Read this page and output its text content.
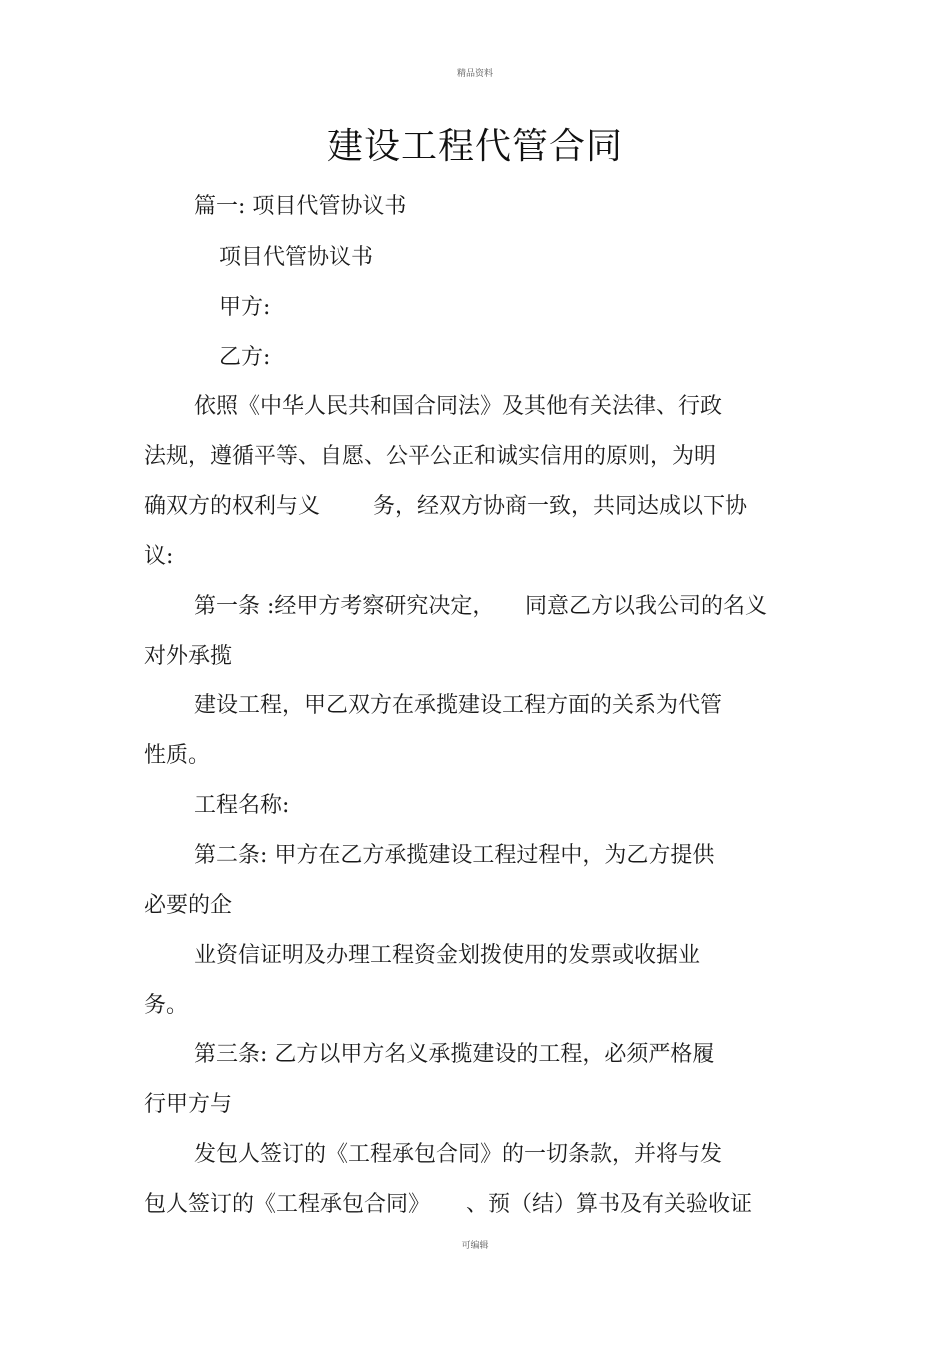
精品资料
建设工程代管合同
篇一: 项目代管协议书
项目代管协议书
甲方:
乙方:
依照《中华人民共和国合同法》及其他有关法律、行政
法规，遵循平等、自愿、公平公正和诚实信用的原则，为明
确双方的权利与义 务，经双方协商一致，共同达成以下协
议:
第一条 :经甲方考察研究决定， 同意乙方以我公司的名义
对外承揽
建设工程，甲乙双方在承揽建设工程方面的关系为代管
性质。
工程名称:
第二条: 甲方在乙方承揽建设工程过程中，为乙方提供
必要的企
业资信证明及办理工程资金划拨使用的发票或收据业
务。
第三条: 乙方以甲方名义承揽建设的工程，必须严格履
行甲方与
发包人签订的《工程承包合同》的一切条款，并将与发
包人签订的《工程承包合同》 、预（结）算书及有关验收证
可编辑
